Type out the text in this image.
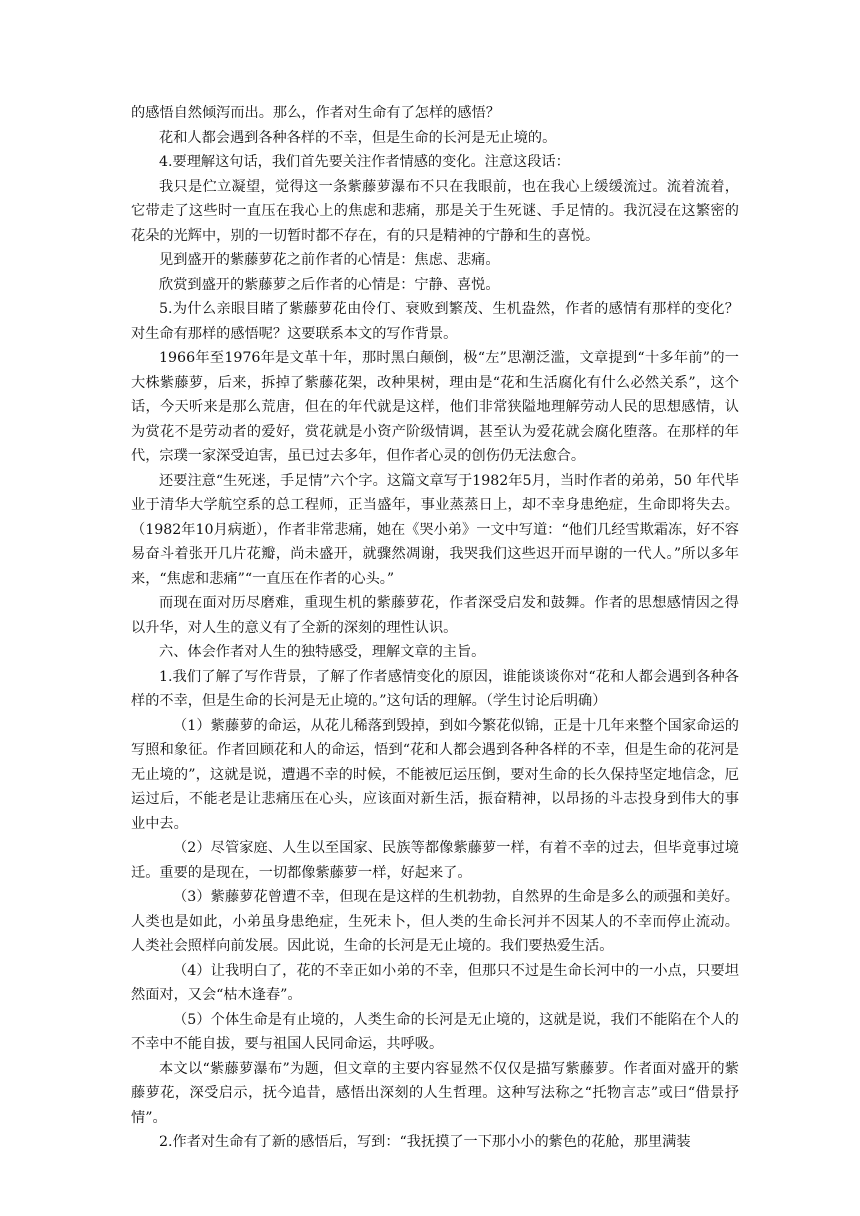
的感悟自然倾泻而出。那么，作者对生命有了怎样的感悟？

花和人都会遇到各种各样的不幸，但是生命的长河是无止境的。

4.要理解这句话，我们首先要关注作者情感的变化。注意这段话：

我只是伫立凝望，觉得这一条紫藤萝瀑布不只在我眼前，也在我心上缓缓流过。流着流着，它带走了这些时一直压在我心上的焦虑和悲痛，那是关于生死谜、手足情的。我沉浸在这繁密的花朵的光辉中，别的一切暂时都不存在，有的只是精神的宁静和生的喜悦。

见到盛开的紫藤萝花之前作者的心情是：焦虑、悲痛。

欣赏到盛开的紫藤萝之后作者的心情是：宁静、喜悦。

5.为什么亲眼目睹了紫藤萝花由伶仃、衰败到繁茂、生机盎然，作者的感情有那样的变化？对生命有那样的感悟呢？这要联系本文的写作背景。

1966年至1976年是文革十年，那时黑白颠倒，极“左”思潮泛滥，文章提到“十多年前”的一大株紫藤萝，后来，拆掉了紫藤花架，改种果树，理由是“花和生活腐化有什么必然关系”，这个话，今天听来是那么荒唐，但在的年代就是这样，他们非常狭隘地理解劳动人民的思想感情，认为赏花不是劳动者的爱好，赏花就是小资产阶级情调，甚至认为爱花就会腐化堕落。在那样的年代，宗璞一家深受迫害，虽已过去多年，但作者心灵的创伤仍无法愈合。

还要注意“生死迷，手足情”六个字。这篇文章写于1982年5月，当时作者的弟弟，50 年代毕业于清华大学航空系的总工程师，正当盛年，事业蒸蒸日上，却不幸身患绝症，生命即将失去。（1982年10月病逝），作者非常悲痛，她在《哭小弟》一文中写道：“他们几经雪欺霜冻，好不容易奋斗着张开几片花瓣，尚未盛开，就骤然凋谢，我哭我们这些迟开而早谢的一代人。”所以多年来，“焦虑和悲痛”“一直压在作者的心头。”

而现在面对历尽磨难，重现生机的紫藤萝花，作者深受启发和鼓舞。作者的思想感情因之得以升华，对人生的意义有了全新的深刻的理性认识。

六、体会作者对人生的独特感受，理解文章的主旨。

1.我们了解了写作背景，了解了作者感情变化的原因，谁能谈谈你对“花和人都会遇到各种各样的不幸，但是生命的长河是无止境的。”这句话的理解。（学生讨论后明确）

（1）紫藤萝的命运，从花儿稀落到毁掉，到如今繁花似锦，正是十几年来整个国家命运的写照和象征。作者回顾花和人的命运，悟到“花和人都会遇到各种各样的不幸，但是生命的花河是无止境的”，这就是说，遭遇不幸的时候，不能被厄运压倒，要对生命的长久保持坚定地信念，厄运过后，不能老是让悲痛压在心头，应该面对新生活，振奋精神，以昂扬的斗志投身到伟大的事业中去。

（2）尽管家庭、人生以至国家、民族等都像紫藤萝一样，有着不幸的过去，但毕竟事过境迁。重要的是现在，一切都像紫藤萝一样，好起来了。

（3）紫藤萝花曾遭不幸，但现在是这样的生机勃勃，自然界的生命是多么的顽强和美好。人类也是如此，小弟虽身患绝症，生死未卜，但人类的生命长河并不因某人的不幸而停止流动。人类社会照样向前发展。因此说，生命的长河是无止境的。我们要热爱生活。

（4）让我明白了，花的不幸正如小弟的不幸，但那只不过是生命长河中的一小点，只要坦然面对，又会“枯木逢春”。

（5）个体生命是有止境的，人类生命的长河是无止境的，这就是说，我们不能陷在个人的不幸中不能自拔，要与祖国人民同命运，共呼吸。

本文以“紫藤萝瀑布”为题，但文章的主要内容显然不仅仅是描写紫藤萝。作者面对盛开的紫藤萝花，深受启示，抚今追昔，感悟出深刻的人生哲理。这种写法称之“托物言志”或曰“借景抒情”。

2.作者对生命有了新的感悟后，写到：“我抚摸了一下那小小的紫色的花舱，那里满装
